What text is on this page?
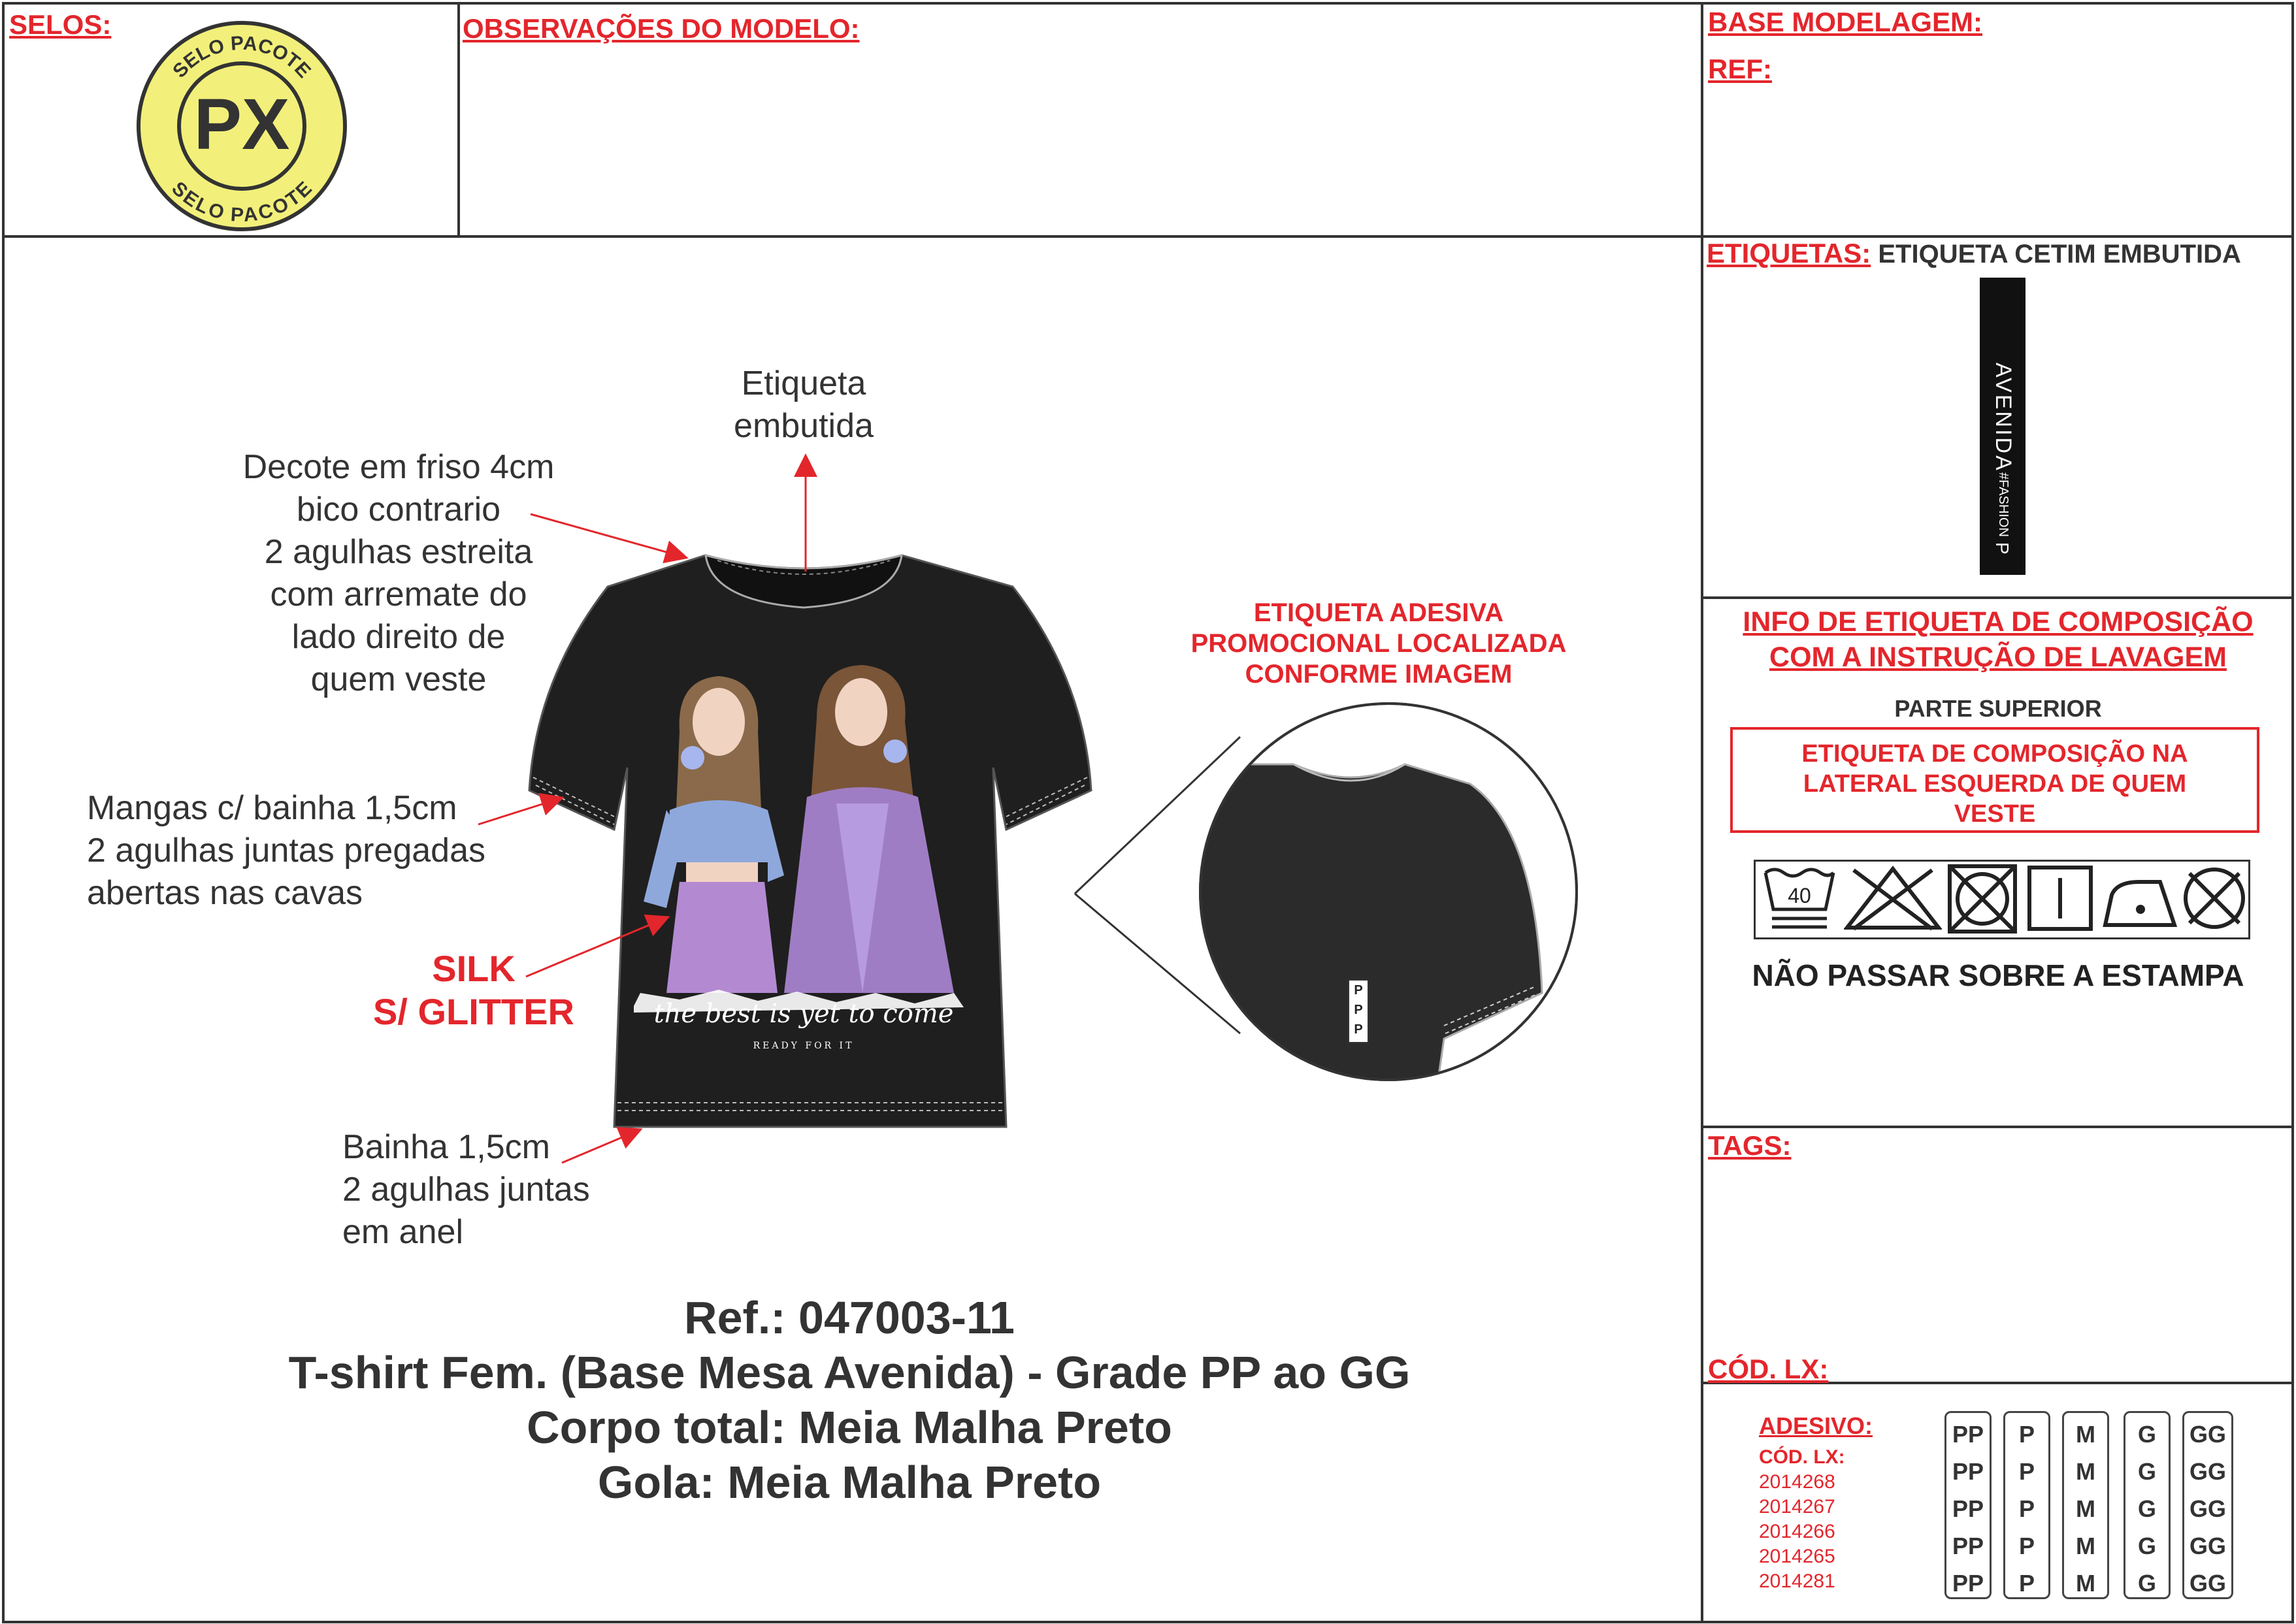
SELOS:	OBSERVAÇÕES DO MODELO:	BASE MODELAGEM:
REF:
SELO PACOTE
SELO PACOTE
PX
ETIQUETAS: ETIQUETA CETIM EMBUTIDA
AVENIDA
#FASHION
P
INFO DE ETIQUETA DE COMPOSIÇÃO
COM A INSTRUÇÃO DE LAVAGEM
PARTE SUPERIOR
ETIQUETA DE COMPOSIÇÃO NA
LATERAL ESQUERDA DE QUEM
VESTE
40
NÃO PASSAR SOBRE A ESTAMPA
TAGS:
CÓD. LX:
ADESIVO:
CÓD. LX:
2014268
2014267
2014266
2014265
2014281
PP
PP
PP
PP
PP
P
P
P
P
P
M
M
M
M
M
G
G
G
G
G
GG
GG
GG
GG
GG
the best is yet to come
READY FOR IT
Etiqueta
embutida
Decote em friso 4cm
bico contrario
2 agulhas estreita
com arremate do
lado direito de
quem veste
Mangas c/ bainha 1,5cm
2 agulhas juntas pregadas
abertas nas cavas
SILK
S/ GLITTER
Bainha 1,5cm
2 agulhas juntas
em anel
ETIQUETA ADESIVA
PROMOCIONAL LOCALIZADA
CONFORME IMAGEM
P
P
P
Ref.: 047003-11
T-shirt Fem. (Base Mesa Avenida) - Grade PP ao GG
Corpo total: Meia Malha Preto
Gola: Meia Malha Preto
